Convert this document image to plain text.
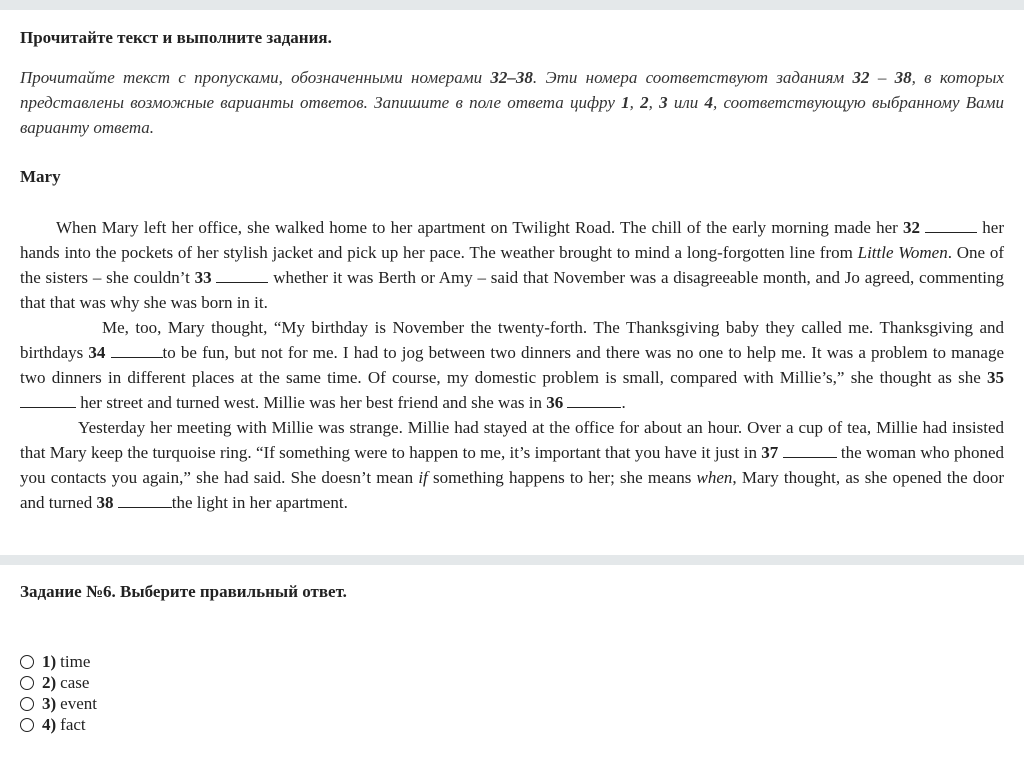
Прочитайте текст и выполните задания.

Прочитайте текст с пропусками, обозначенными номерами 32–38. Эти номера соответствуют заданиям 32 – 38, в которых представлены возможные варианты ответов. Запишите в поле ответа цифру 1, 2, 3 или 4, соответствующую выбранному Вами варианту ответа.

Mary

When Mary left her office, she walked home to her apartment on Twilight Road. The chill of the early morning made her 32	her hands into the pockets of her stylish jacket and pick up her pace. The weather brought to mind a long-forgotten line from Little Women. One of the sisters – she couldn’t 33	whether it was Berth or Amy – said that November was a disagreeable month, and Jo agreed, commenting that that was why she was born in it.

Me, too, Mary thought, “My birthday is November the twenty-forth. The Thanksgiving baby they called me. Thanksgiving and birthdays 34	to be fun, but not for me. I had to jog between two dinners and there was no one to help me. It was a problem to manage two dinners in different places at the same time. Of course, my domestic problem is small, compared with Millie’s,” she thought as she 35  her street and turned west. Millie was her best friend and she was in 36	.

Yesterday her meeting with Millie was strange. Millie had stayed at the office for about an hour. Over a cup of tea, Millie had insisted that Mary keep the turquoise ring. “If something were to happen to me, it’s important that you have it just in 37	the woman who phoned you contacts you again,” she had said. She doesn’t mean if something happens to her; she means when, Mary thought, as she opened the door and turned 38	the light in her apartment.

Задание №6. Выберите правильный ответ.
1) time
2) case
3) event
4) fact
